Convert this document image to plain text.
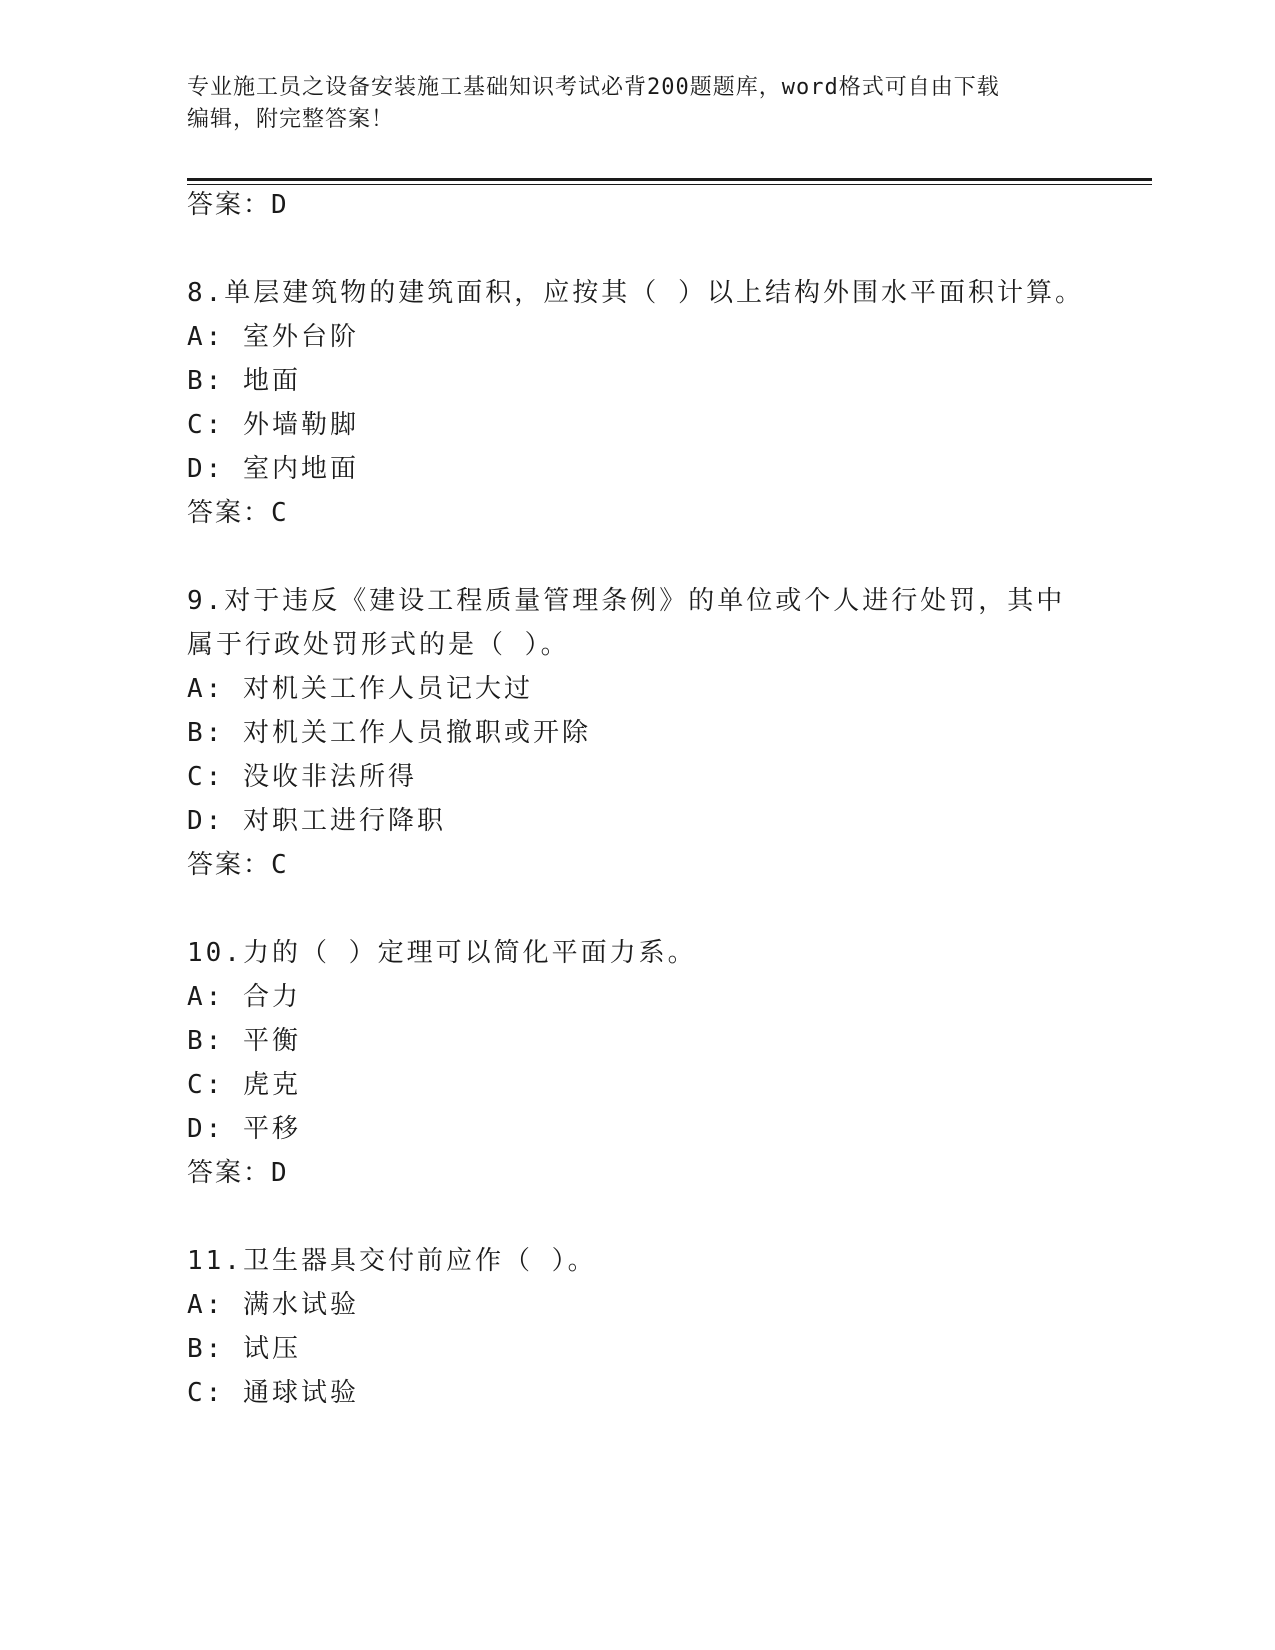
专业施工员之设备安装施工基础知识考试必背200题题库，word格式可自由下载
编辑，附完整答案！
答案：D
8.单层建筑物的建筑面积，应按其（ ）以上结构外围水平面积计算。
A: 室外台阶
B: 地面
C: 外墙勒脚
D: 室内地面
答案：C
9.对于违反《建设工程质量管理条例》的单位或个人进行处罚，其中
属于行政处罚形式的是（ ）。
A: 对机关工作人员记大过
B: 对机关工作人员撤职或开除
C: 没收非法所得
D: 对职工进行降职
答案：C
10.力的（ ）定理可以简化平面力系。
A: 合力
B: 平衡
C: 虎克
D: 平移
答案：D
11.卫生器具交付前应作（ ）。
A: 满水试验
B: 试压
C: 通球试验
